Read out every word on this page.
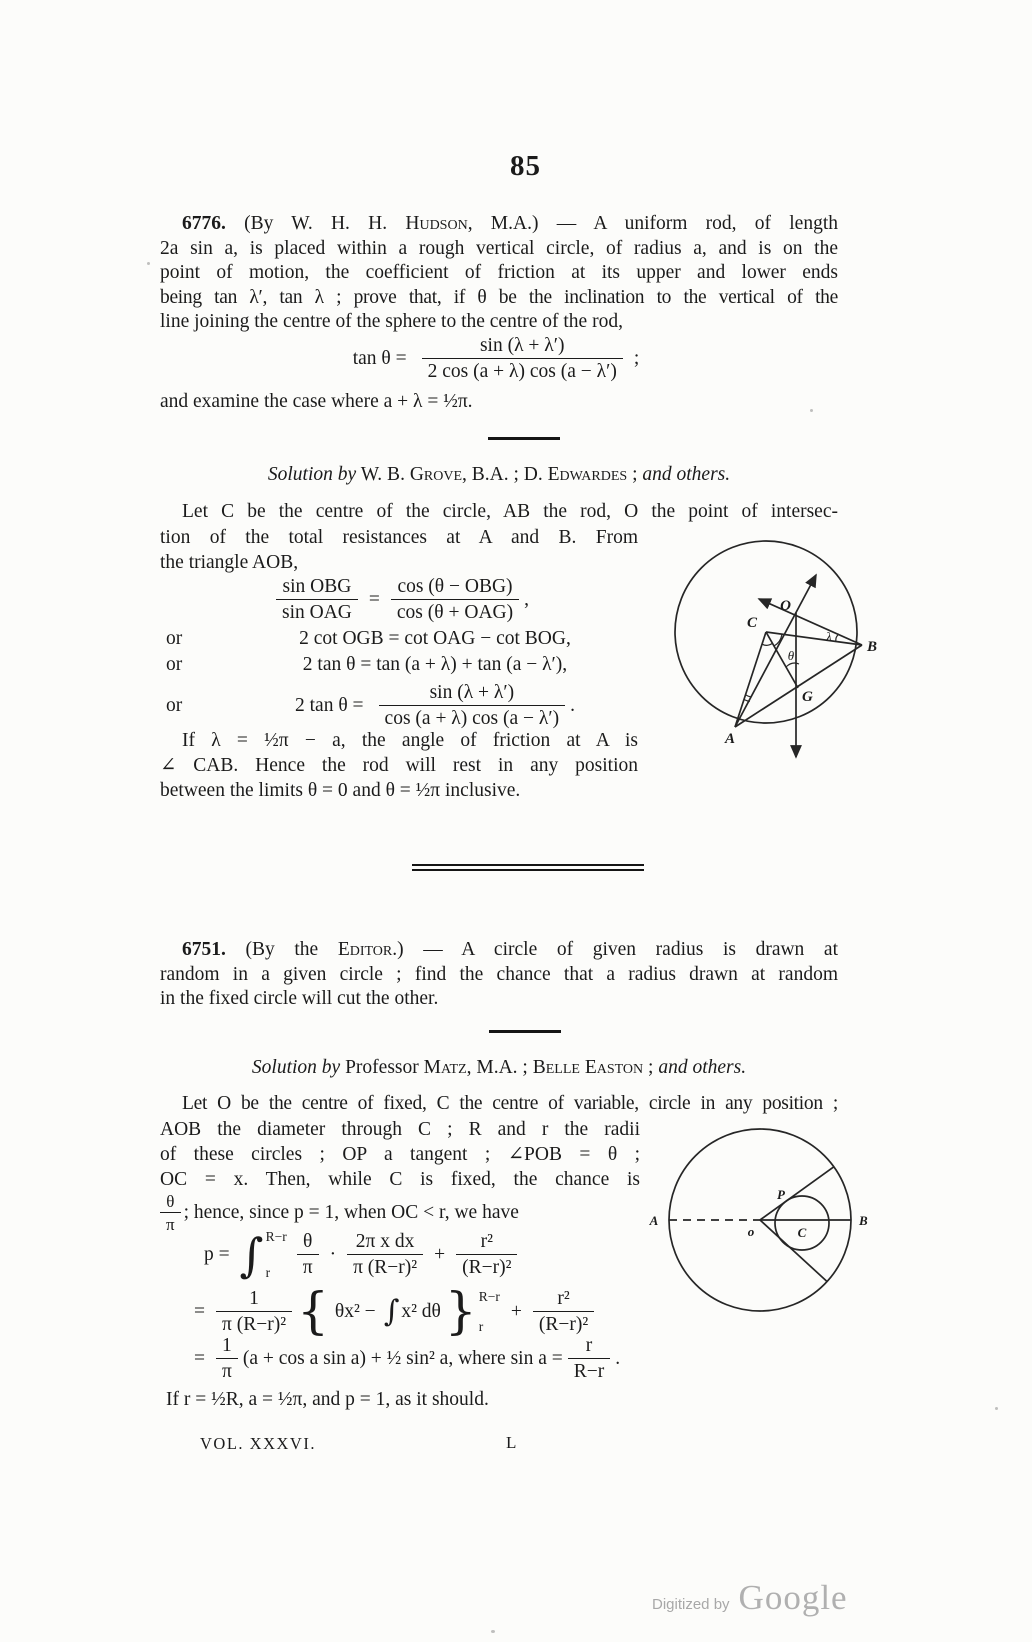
85
6776. (By W. H. H. Hudson, M.A.) — A uniform rod, of length
2a sin a, is placed within a rough vertical circle, of radius a, and is on the
point of motion, the coefficient of friction at its upper and lower ends
being tan λ′, tan λ ; prove that, if θ be the inclination to the vertical of the
line joining the centre of the sphere to the centre of the rod,
$\tan \theta = \frac{\sin (\lambda + \lambda')}{2 \cos (a + \lambda) \cos (a - \lambda')}$ ;
and examine the case where a + λ = ½π.
Solution by W. B. Grove, B.A. ; D. Edwardes ; and others.
Let C be the centre of the circle, AB the rod, O the point of intersec-
tion of the total resistances at A and B. From
the triangle AOB,
$\frac{\text{sin OBG}}{\text{sin OAG}} = \frac{\text{cos (θ − OBG)}}{\text{cos (θ + OAG)}}$ ,
or	2 cot OGB = cot OAG − cot BOG,
or	2 tan θ = tan (a + λ) + tan (a − λ′),
or	2 $\tan \theta = \frac{\sin (\lambda + \lambda')}{\cos (a + \lambda) \cos (a - \lambda')}$ .
If λ = ½π − a, the angle of friction at A is
∠ CAB. Hence the rod will rest in any position
between the limits θ = 0 and θ = ½π inclusive.
O
C
B
A
G
λ
θ
6751. (By the Editor.) — A circle of given radius is drawn at
random in a given circle ; find the chance that a radius drawn at random
in the fixed circle will cut the other.
Solution by Professor Matz, M.A. ; Belle Easton ; and others.
Let O be the centre of fixed, C the centre of variable, circle in any position ;
AOB the diameter through C ; R and r the radii
of these circles ; OP a tangent ; ∠POB = θ ;
OC = x. Then, while C is fixed, the chance is
$\frac{\theta}{\pi}$ ; hence, since p = 1, when OC < r, we have
p = ∫ R−r
r	$\frac{\theta}{\pi} \cdot \frac{\text{2π x dx}}{\text{π (R−r)²}} + \frac{\text{r²}}{\text{(R−r)²}}$
= $\frac{1}{\text{π (R−r)²}}$ { θx² − ∫ x² dθ } R−r
r
+ $\frac{\text{r²}}{\text{(R−r)²}}$
= $\frac{1}{\pi} (a + \cos a$ sin a) + ½ sin² a, where $\sin a = \frac{r}{R-r}$ .
If r = ½R, a = ½π, and p = 1, as it should.
A	B
o	C
P
VOL. XXXVI.	L
Digitized by Google
